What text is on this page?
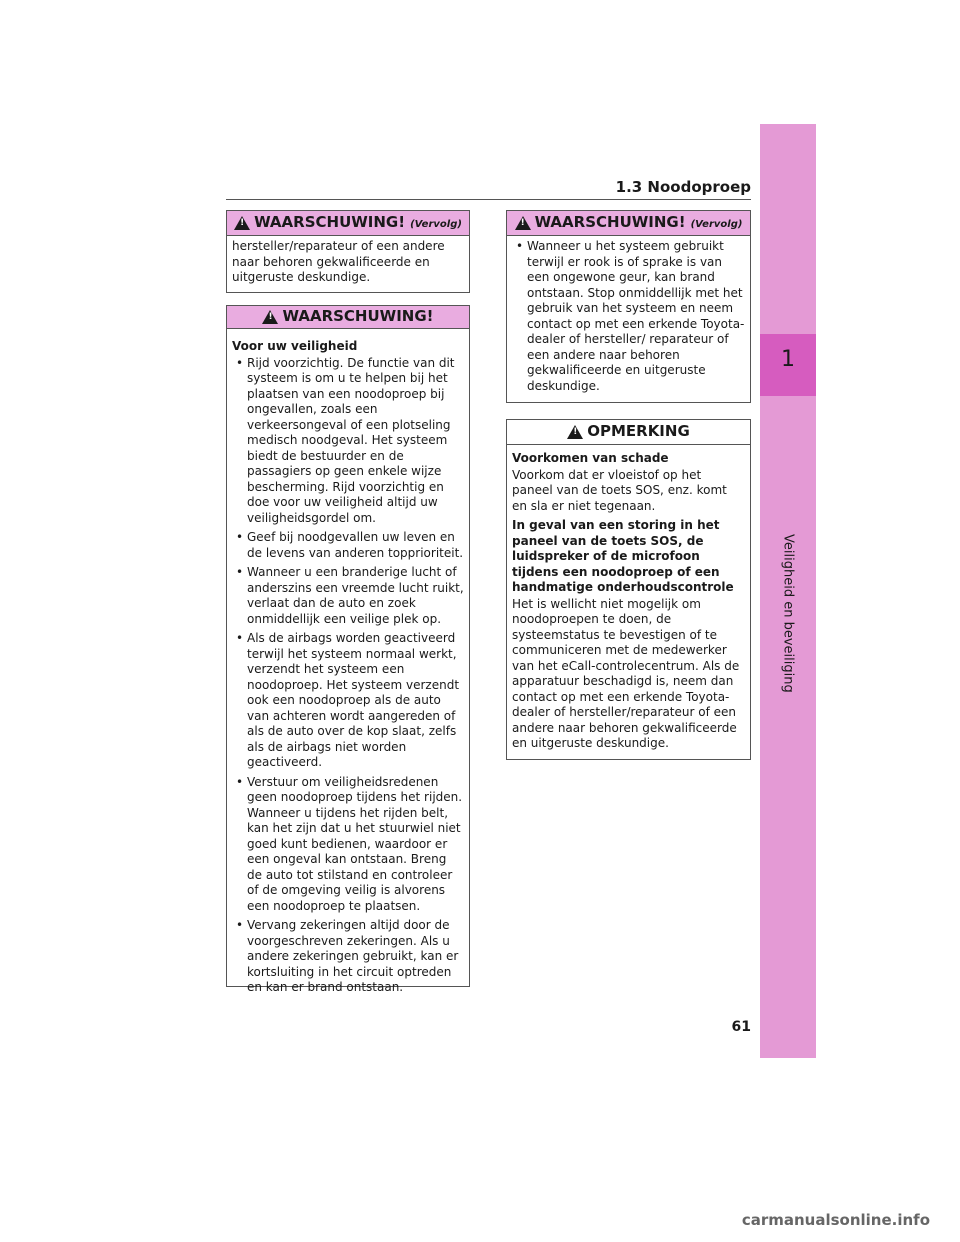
1
Veiligheid en beveiliging
1.3 Noodoproep
!
WAARSCHUWING! (Vervolg)

hersteller/reparateur of een andere naar behoren gekwalificeerde en uitgeruste deskundige.

!
WAARSCHUWING!

Voor uw veiligheid

• Rijd voorzichtig. De functie van dit systeem is om u te helpen bij het plaatsen van een noodoproep bij ongevallen, zoals een verkeersongeval of een plotseling medisch noodgeval. Het systeem biedt de bestuurder en de passagiers op geen enkele wijze bescherming. Rijd voorzichtig en doe voor uw veiligheid altijd uw veiligheidsgordel om.

• Geef bij noodgevallen uw leven en de levens van anderen topprioriteit.

• Wanneer u een branderige lucht of anderszins een vreemde lucht ruikt, verlaat dan de auto en zoek onmiddellijk een veilige plek op.

• Als de airbags worden geactiveerd terwijl het systeem normaal werkt, verzendt het systeem een noodoproep. Het systeem verzendt ook een noodoproep als de auto van achteren wordt aangereden of als de auto over de kop slaat, zelfs als de airbags niet worden geactiveerd.

• Verstuur om veiligheidsredenen geen noodoproep tijdens het rijden. Wanneer u tijdens het rijden belt, kan het zijn dat u het stuurwiel niet goed kunt bedienen, waardoor er een ongeval kan ontstaan. Breng de auto tot stilstand en controleer of de omgeving veilig is alvorens een noodoproep te plaatsen.

• Vervang zekeringen altijd door de voorgeschreven zekeringen. Als u andere zekeringen gebruikt, kan er kortsluiting in het circuit optreden en kan er brand ontstaan.

!
WAARSCHUWING! (Vervolg)

• Wanneer u het systeem gebruikt terwijl er rook is of sprake is van een ongewone geur, kan brand ontstaan. Stop onmiddellijk met het gebruik van het systeem en neem contact op met een erkende Toyota-dealer of hersteller/ reparateur of een andere naar behoren gekwalificeerde en uitgeruste deskundige.

!
OPMERKING

Voorkomen van schade

Voorkom dat er vloeistof op het paneel van de toets SOS, enz. komt en sla er niet tegenaan.

In geval van een storing in het paneel van de toets SOS, de luidspreker of de microfoon tijdens een noodoproep of een handmatige onderhoudscontrole

Het is wellicht niet mogelijk om noodoproepen te doen, de systeemstatus te bevestigen of te communiceren met de medewerker van het eCall-controlecentrum. Als de apparatuur beschadigd is, neem dan contact op met een erkende Toyota-dealer of hersteller/reparateur of een andere naar behoren gekwalificeerde en uitgeruste deskundige.

61
carmanualsonline.info
